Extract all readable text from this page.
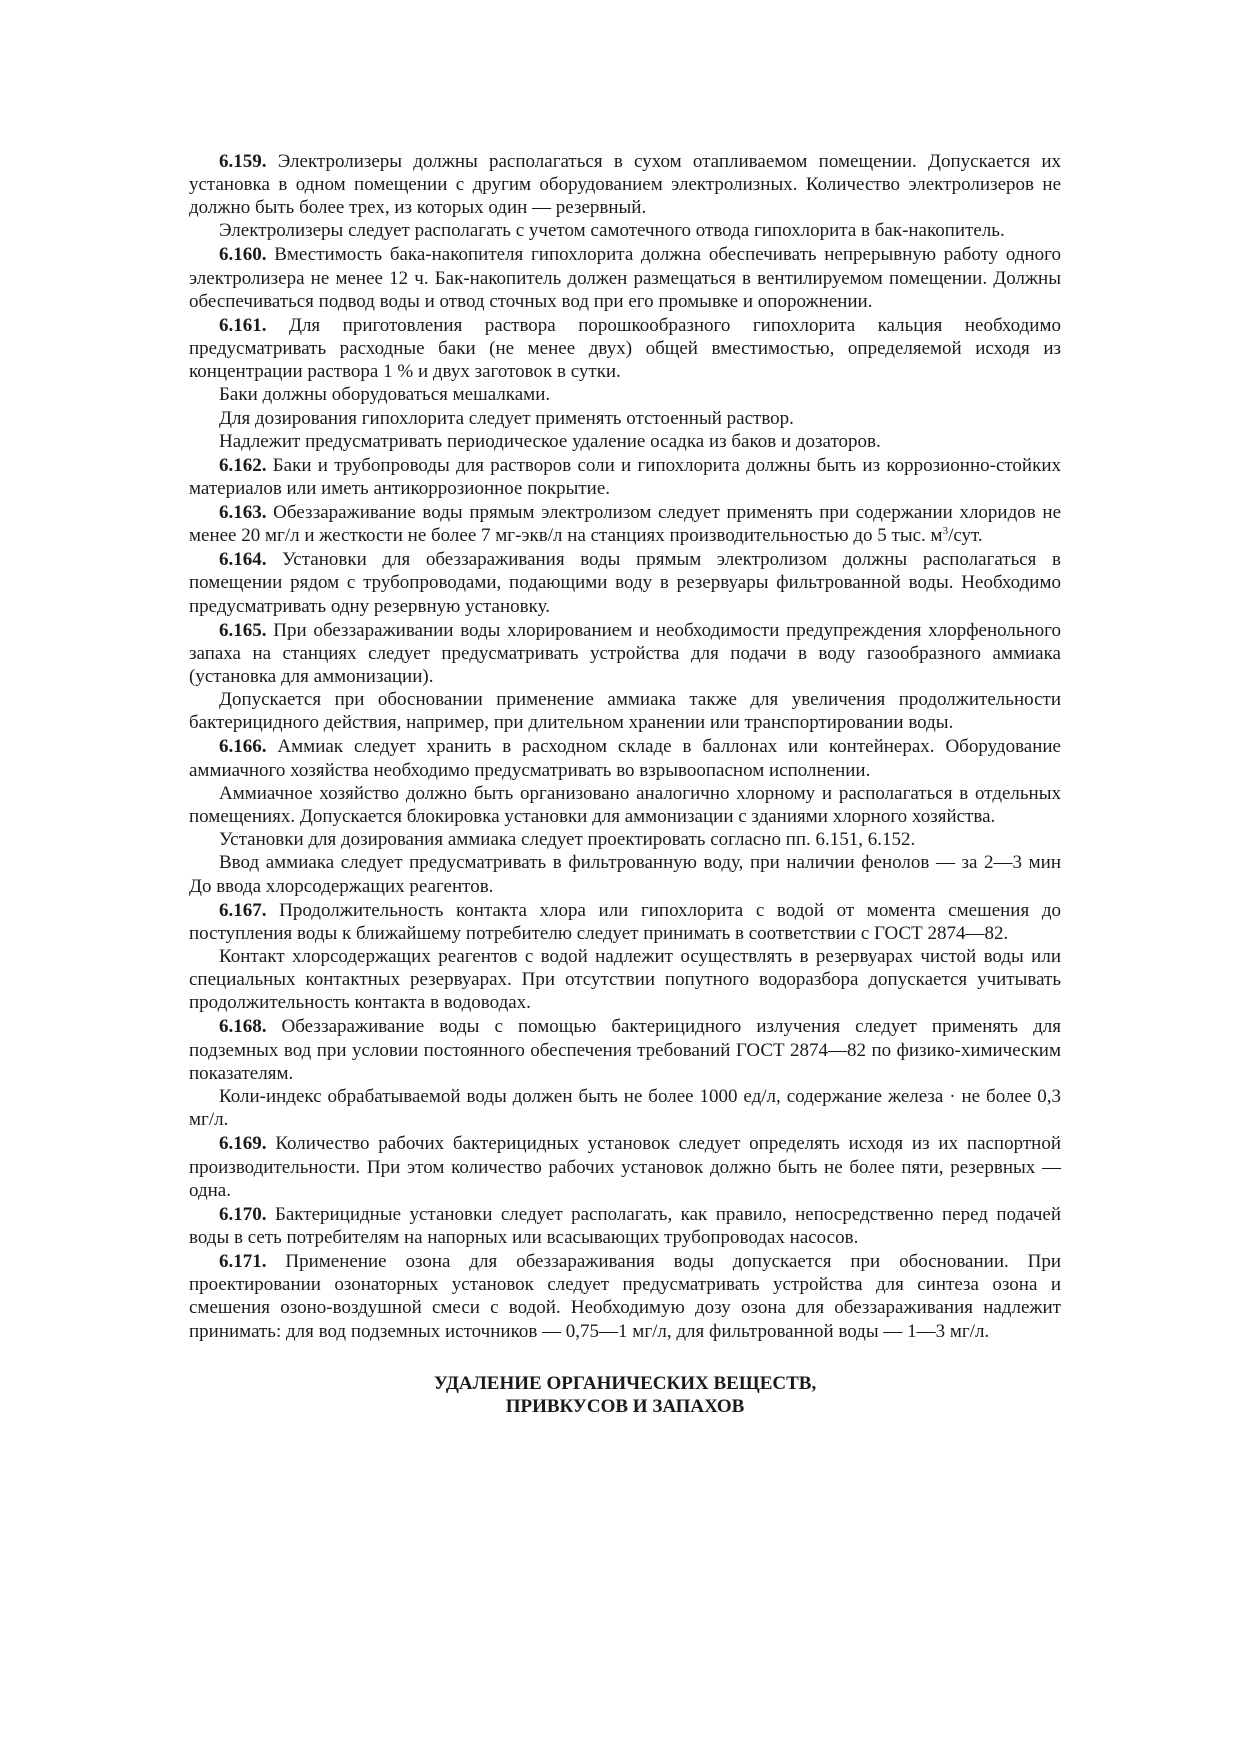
6.159. Электролизеры должны располагаться в сухом отапливаемом помещении. Допускается их установка в одном помещении с другим оборудованием электролизных. Количество электролизеров не должно быть более трех, из которых один — резервный.

Электролизеры следует располагать с учетом самотечного отвода гипохлорита в бак-накопитель.

6.160. Вместимость бака-накопителя гипохлорита должна обеспечивать непрерывную работу одного электролизера не менее 12 ч. Бак-накопитель должен размещаться в вентилируемом помещении. Должны обеспечиваться подвод воды и отвод сточных вод при его промывке и опорожнении.

6.161. Для приготовления раствора порошкообразного гипохлорита кальция необходимо предусматривать расходные баки (не менее двух) общей вместимостью, определяемой исходя из концентрации раствора 1 % и двух заготовок в сутки.

Баки должны оборудоваться мешалками.

Для дозирования гипохлорита следует применять отстоенный раствор.

Надлежит предусматривать периодическое удаление осадка из баков и дозаторов.

6.162. Баки и трубопроводы для растворов соли и гипохлорита должны быть из коррозионно-стойких материалов или иметь антикоррозионное покрытие.

6.163. Обеззараживание воды прямым электролизом следует применять при содержании хлоридов не менее 20 мг/л и жесткости не более 7 мг-экв/л на станциях производительностью до 5 тыс. $м^3$/сут.

6.164. Установки для обеззараживания воды прямым электролизом должны располагаться в помещении рядом с трубопроводами, подающими воду в резервуары фильтрованной воды. Необходимо предусматривать одну резервную установку.

6.165. При обеззараживании воды хлорированием и необходимости предупреждения хлорфенольного запаха на станциях следует предусматривать устройства для подачи в воду газообразного аммиака (установка для аммонизации).

Допускается при обосновании применение аммиака также для увеличения продолжительности бактерицидного действия, например, при длительном хранении или транспортировании воды.

6.166. Аммиак следует хранить в расходном складе в баллонах или контейнерах. Оборудование аммиачного хозяйства необходимо предусматривать во взрывоопасном исполнении.

Аммиачное хозяйство должно быть организовано аналогично хлорному и располагаться в отдельных помещениях. Допускается блокировка установки для аммонизации с зданиями хлорного хозяйства.

Установки для дозирования аммиака следует проектировать согласно пп. 6.151, 6.152.

Ввод аммиака следует предусматривать в фильтрованную воду, при наличии фенолов — за 2—3 мин До ввода хлорсодержащих реагентов.

6.167. Продолжительность контакта хлора или гипохлорита с водой от момента смешения до поступления воды к ближайшему потребителю следует принимать в соответствии с ГОСТ 2874—82.

Контакт хлорсодержащих реагентов с водой надлежит осуществлять в резервуарах чистой воды или специальных контактных резервуарах. При отсутствии попутного водоразбора допускается учитывать продолжительность контакта в водоводах.

6.168. Обеззараживание воды с помощью бактерицидного излучения следует применять для подземных вод при условии постоянного обеспечения требований ГОСТ 2874—82 по физико-химическим показателям.

Коли-индекс обрабатываемой воды должен быть не более 1000 ед/л, содержание железа · не более 0,3 мг/л.

6.169. Количество рабочих бактерицидных установок следует определять исходя из их паспортной производительности. При этом количество рабочих установок должно быть не более пяти, резервных — одна.

6.170. Бактерицидные установки следует располагать, как правило, непосредственно перед подачей воды в сеть потребителям на напорных или всасывающих трубопроводах насосов.

6.171. Применение озона для обеззараживания воды допускается при обосновании. При проектировании озонаторных установок следует предусматривать устройства для синтеза озона и смешения озоно-воздушной смеси с водой. Необходимую дозу озона для обеззараживания надлежит принимать: для вод подземных источников — 0,75—1 мг/л, для фильтрованной воды — 1—3 мг/л.

УДАЛЕНИЕ ОРГАНИЧЕСКИХ ВЕЩЕСТВ,
ПРИВКУСОВ И ЗАПАХОВ
